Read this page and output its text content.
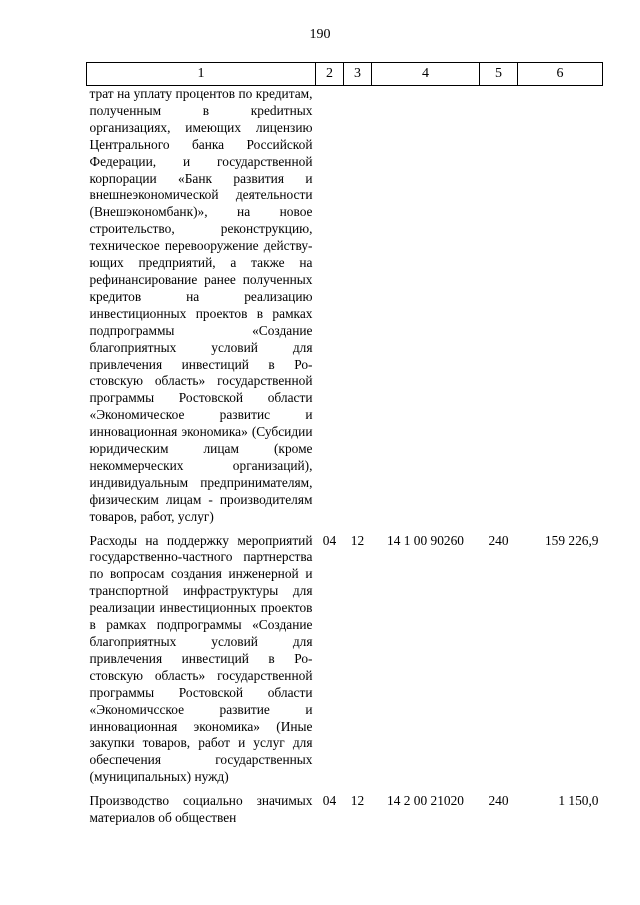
190
1	2	3	4	5	6
трат на уплату процентов по кредитам, полученным в креdитных организациях, имеющих лицензию Центрального банка Российской Федерации, и государственной корпорации «Банк развития и внешнеэкономической деятельности (Внешэкономбанк)», на новое строительство, реконструкцию, техническое перевооружение действующих предприятий, а также на рефинансирование ранее полученных кредитов на реализацию инвестиционных проектов в рамках подпрограммы «Создание благоприятных условий для привлечения инвестиций в Ростовскую область» государственной программы Ростовской области «Экономическое развитис и инновационная экономика» (Субсидии юридическим лицам (кроме некоммерческих организаций), индивидуальным предпринимателям, физическим лицам - производителям товаров, работ, услуг)					
Расходы на поддержку мероприятий государственно-частного партнерства по вопросам создания инженерной и транспортной инфраструктуры для реализации инвестиционных проектов в рамках подпрограммы «Создание благоприятных условий для привлечения инвестиций в Ростовскую область» государственной программы Ростовской области «Экономичсское развитие и инновационная экономика» (Иные закупки товаров, работ и услуг для обеспечения государственных (муниципальных) нужд)	04	12	14 1 00 90260	240	159 226,9
Производство социально значимых материалов об обществен	04	12	14 2 00 21020	240	1 150,0
